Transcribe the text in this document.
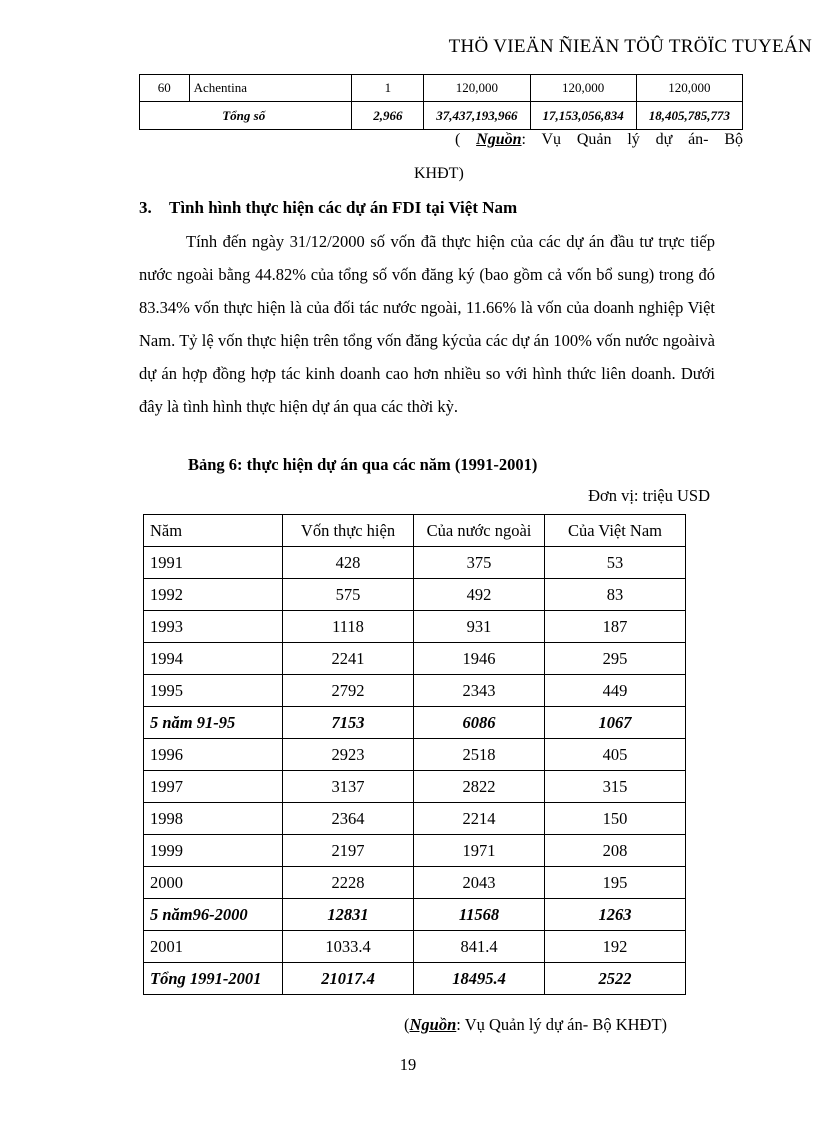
THÖ VIEÄN ÑIEÄN TÖÛ TRÖÏC TUYEÁN
60	Achentina	1	120,000	120,000	120,000
Tổng số		2,966	37,437,193,966	17,153,056,834	18,405,785,773
( Nguồn: Vụ Quản lý dự án- Bộ
KHĐT)
3. Tình hình thực hiện các dự án FDI tại Việt Nam
Tính đến ngày 31/12/2000 số vốn đã thực hiện của các dự án đầu tư trực tiếp nước ngoài bằng 44.82% của tổng số vốn đăng ký (bao gồm cả vốn bổ sung) trong đó 83.34% vốn thực hiện là của đối tác nước ngoài, 11.66% là vốn của doanh nghiệp Việt Nam. Tỷ lệ vốn thực hiện trên tổng vốn đăng kýcủa các dự án 100% vốn nước ngoàivà dự án hợp đồng hợp tác kinh doanh cao hơn nhiều so với hình thức liên doanh. Dưới đây là tình hình thực hiện dự án qua các thời kỳ.
Bảng 6: thực hiện dự án qua các năm (1991-2001)
Đơn vị: triệu USD
Năm	Vốn thực hiện	Của nước ngoài	Của Việt Nam
1991	428	375	53
1992	575	492	83
1993	1118	931	187
1994	2241	1946	295
1995	2792	2343	449
5 năm 91-95	7153	6086	1067
1996	2923	2518	405
1997	3137	2822	315
1998	2364	2214	150
1999	2197	1971	208
2000	2228	2043	195
5 năm96-2000	12831	11568	1263
2001	1033.4	841.4	192
Tổng 1991-2001	21017.4	18495.4	2522
(Nguồn: Vụ Quản lý dự án- Bộ KHĐT)
19
